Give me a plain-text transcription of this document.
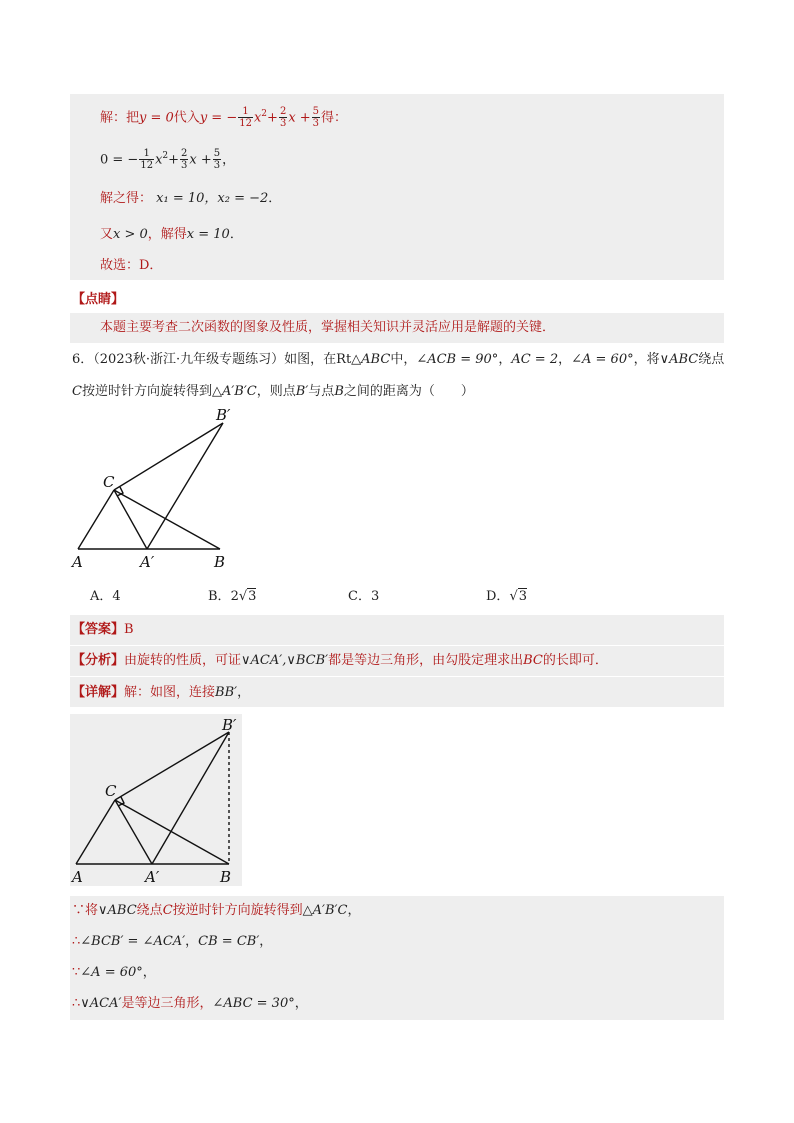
解：把y = 0代入y = − $\frac{1}{12} x^2+ \frac{2}{3}$ $x + \frac{5}{3}$ 得：
0 = − $\frac{1}{12} x^2+ \frac{2}{3}$ $x + \frac{5}{3}$ ，
解之得： x₁ = 10，x₂ = −2．
又x > 0，解得x = 10．
故选：D．
【点睛】
本题主要考查二次函数的图象及性质，掌握相关知识并灵活应用是解题的关键．
6．（2023秋·浙江·九年级专题练习）如图，在Rt△ABC中，∠ACB = 90°，AC = 2，∠A = 60°，将∨ABC绕点
C按逆时针方向旋转得到△A′B′C，则点B′与点B之间的距离为（　　）
B′
C
A	A′	B
A．4	B．2√3	C．3	D．√3
【答案】B
【分析】由旋转的性质，可证∨ACA′,∨BCB′都是等边三角形，由勾股定理求出BC的长即可．
【详解】解：如图，连接BB′，
B′
C
A	A′	B
∵将∨ABC绕点C按逆时针方向旋转得到△A′B′C，
∴∠BCB′ = ∠ACA′，CB = CB′，
∵∠A = 60°，
∴∨ACA′是等边三角形，∠ABC = 30°，
